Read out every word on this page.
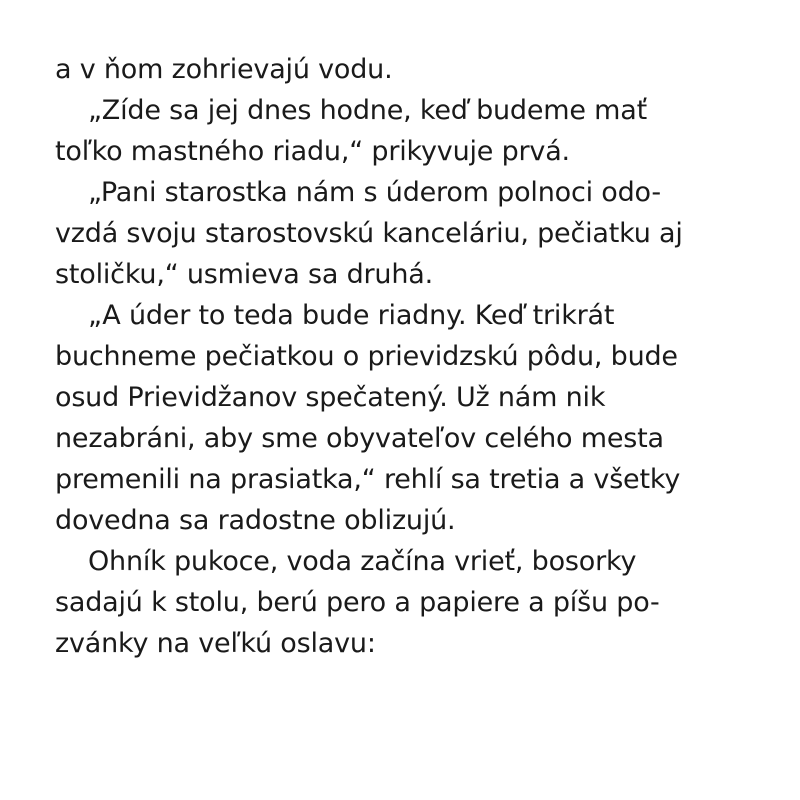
a v ňom zohrievajú vodu.
„Zíde sa jej dnes hodne, keď budeme mať
toľko mastného riadu,“ prikyvuje prvá.
„Pani starostka nám s úderom polnoci odo-
vzdá svoju starostovskú kanceláriu, pečiatku aj
stoličku,“ usmieva sa druhá.
„A úder to teda bude riadny. Keď trikrát
buchneme pečiatkou o prievidzskú pôdu, bude
osud Prievidžanov spečatený. Už nám nik
nezabráni, aby sme obyvateľov celého mesta
premenili na prasiatka,“ rehlí sa tretia a všetky
dovedna sa radostne oblizujú.
Ohník pukoce, voda začína vrieť, bosorky
sadajú k stolu, berú pero a papiere a píšu po-
zvánky na veľkú oslavu:
